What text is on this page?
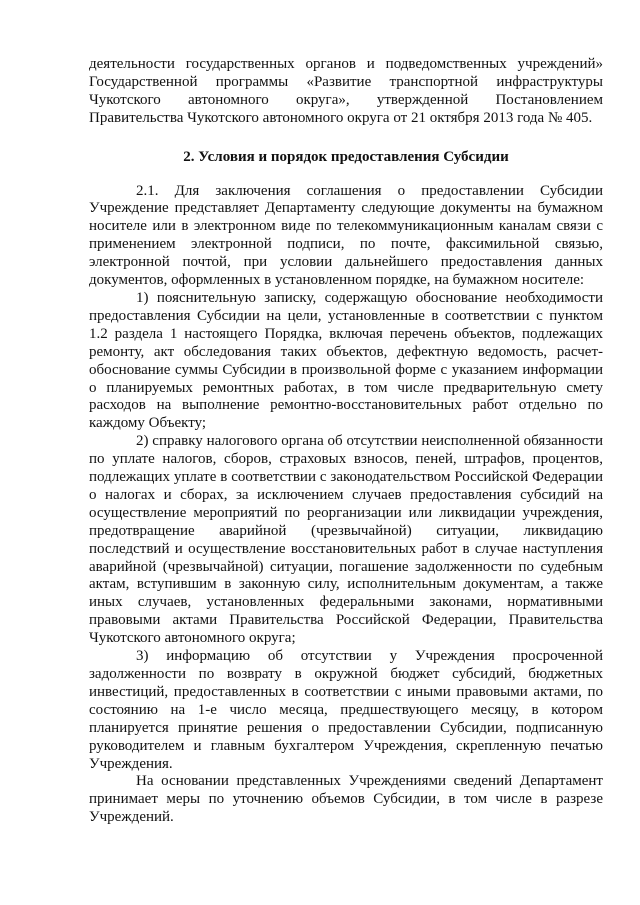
деятельности государственных органов и подведомственных учреждений» Государственной программы «Развитие транспортной инфраструктуры Чукотского автономного округа», утвержденной Постановлением Правительства Чукотского автономного округа от 21 октября 2013 года № 405.

2. Условия и порядок предоставления Субсидии

2.1. Для заключения соглашения о предоставлении Субсидии Учреждение представляет Департаменту следующие документы на бумажном носителе или в электронном виде по телекоммуникационным каналам связи с применением электронной подписи, по почте, факсимильной связью, электронной почтой, при условии дальнейшего предоставления данных документов, оформленных в установленном порядке, на бумажном носителе:

1) пояснительную записку, содержащую обоснование необходимости предоставления Субсидии на цели, установленные в соответствии с пунктом 1.2 раздела 1 настоящего Порядка, включая перечень объектов, подлежащих ремонту, акт обследования таких объектов, дефектную ведомость, расчет-обоснование суммы Субсидии в произвольной форме с указанием информации о планируемых ремонтных работах, в том числе предварительную смету расходов на выполнение ремонтно-восстановительных работ отдельно по каждому Объекту;

2) справку налогового органа об отсутствии неисполненной обязанности по уплате налогов, сборов, страховых взносов, пеней, штрафов, процентов, подлежащих уплате в соответствии с законодательством Российской Федерации о налогах и сборах, за исключением случаев предоставления субсидий на осуществление мероприятий по реорганизации или ликвидации учреждения, предотвращение аварийной (чрезвычайной) ситуации, ликвидацию последствий и осуществление восстановительных работ в случае наступления аварийной (чрезвычайной) ситуации, погашение задолженности по судебным актам, вступившим в законную силу, исполнительным документам, а также иных случаев, установленных федеральными законами, нормативными правовыми актами Правительства Российской Федерации, Правительства Чукотского автономного округа;

3) информацию об отсутствии у Учреждения просроченной задолженности по возврату в окружной бюджет субсидий, бюджетных инвестиций, предоставленных в соответствии с иными правовыми актами, по состоянию на 1-е число месяца, предшествующего месяцу, в котором планируется принятие решения о предоставлении Субсидии, подписанную руководителем и главным бухгалтером Учреждения, скрепленную печатью Учреждения.

На основании представленных Учреждениями сведений Департамент принимает меры по уточнению объемов Субсидии, в том числе в разрезе Учреждений.
